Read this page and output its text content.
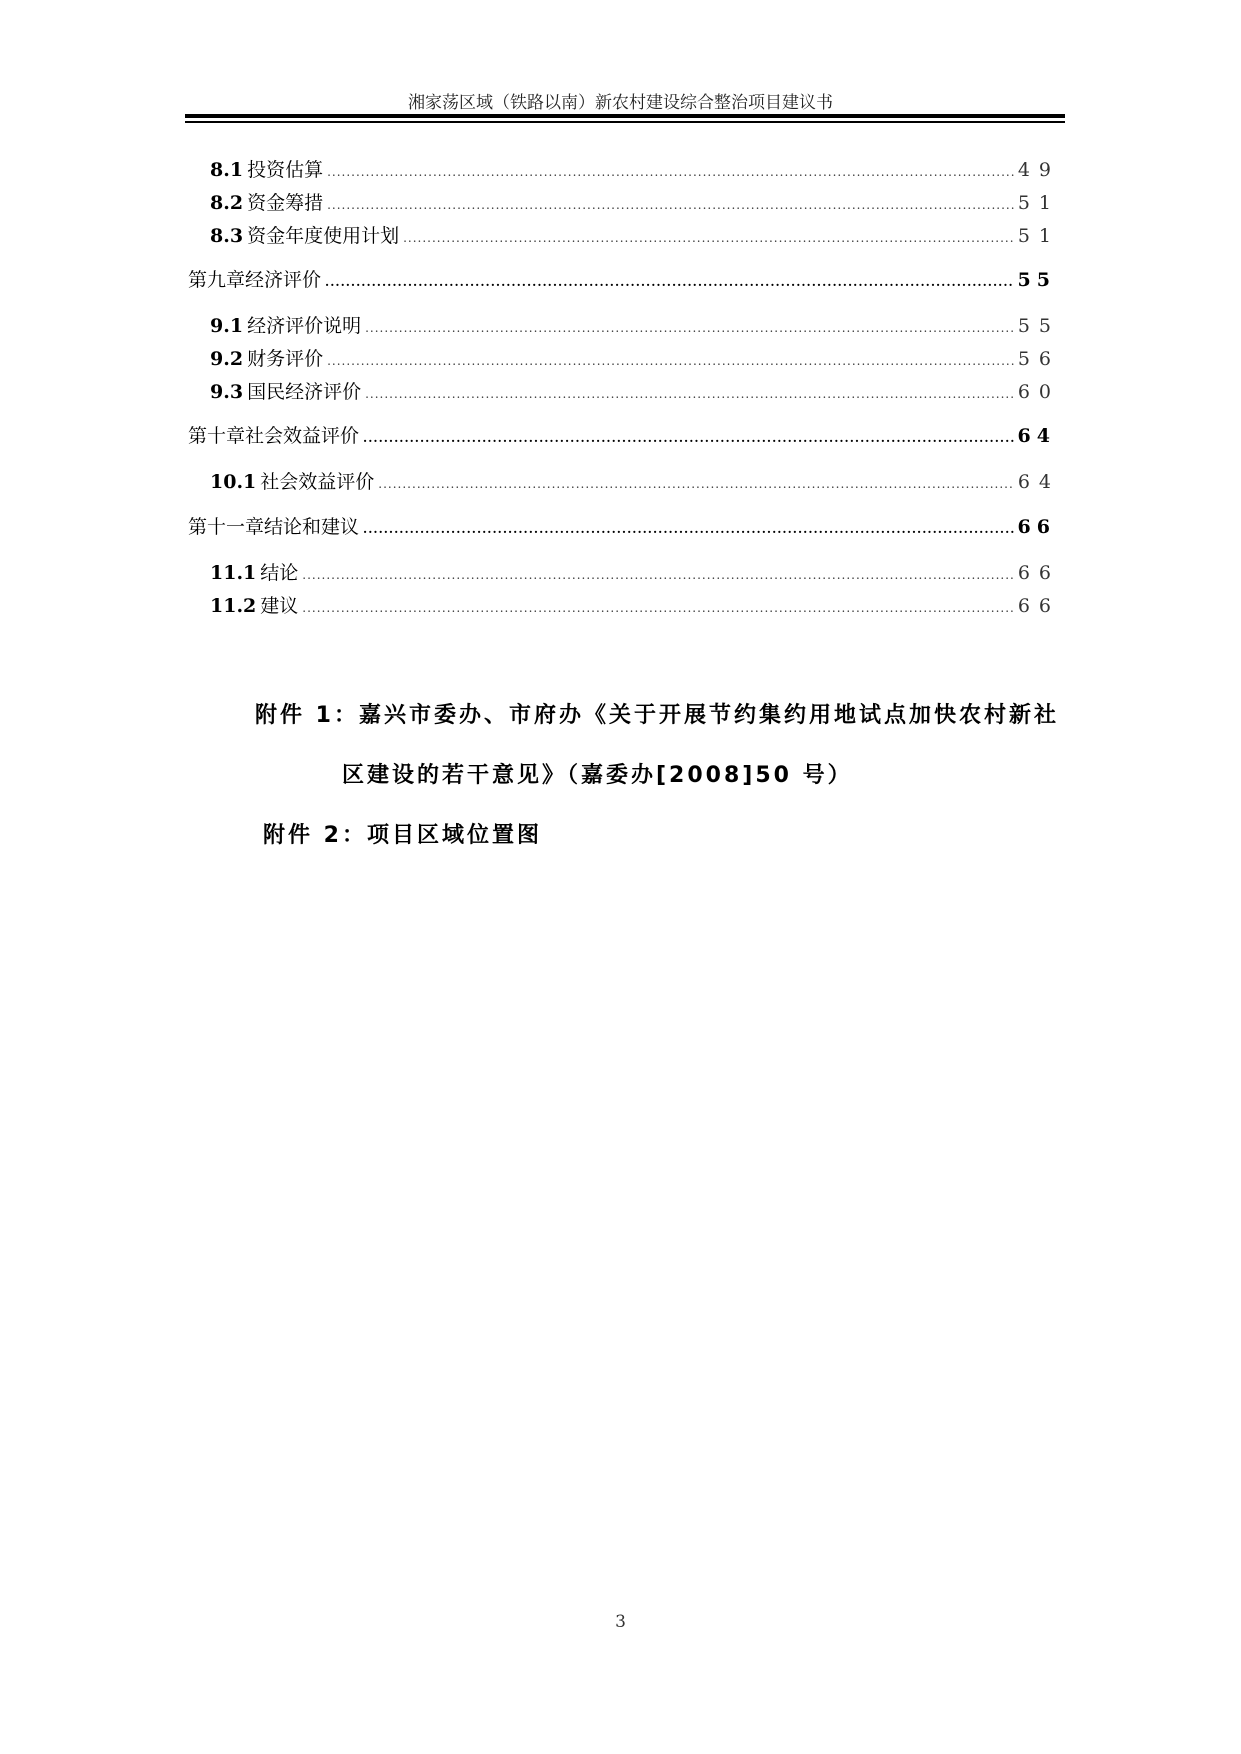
湘家荡区域（铁路以南）新农村建设综合整治项目建议书
8.1 投资估算 .....	49
8.2 资金筹措 .....	51
8.3 资金年度使用计划 .....	51
第九章 经济评价 .....	55
9.1 经济评价说明 .....	55
9.2 财务评价 .....	56
9.3 国民经济评价 .....	60
第十章 社会效益评价 .....	64
10.1 社会效益评价 .....	64
第十一章 结论和建议 .....	66
11.1 结论 .....	66
11.2 建议 .....	66
附件 1：嘉兴市委办、市府办《关于开展节约集约用地试点加快农村新社
区建设的若干意见》（嘉委办[2008]50 号）
附件 2：项目区域位置图
3
